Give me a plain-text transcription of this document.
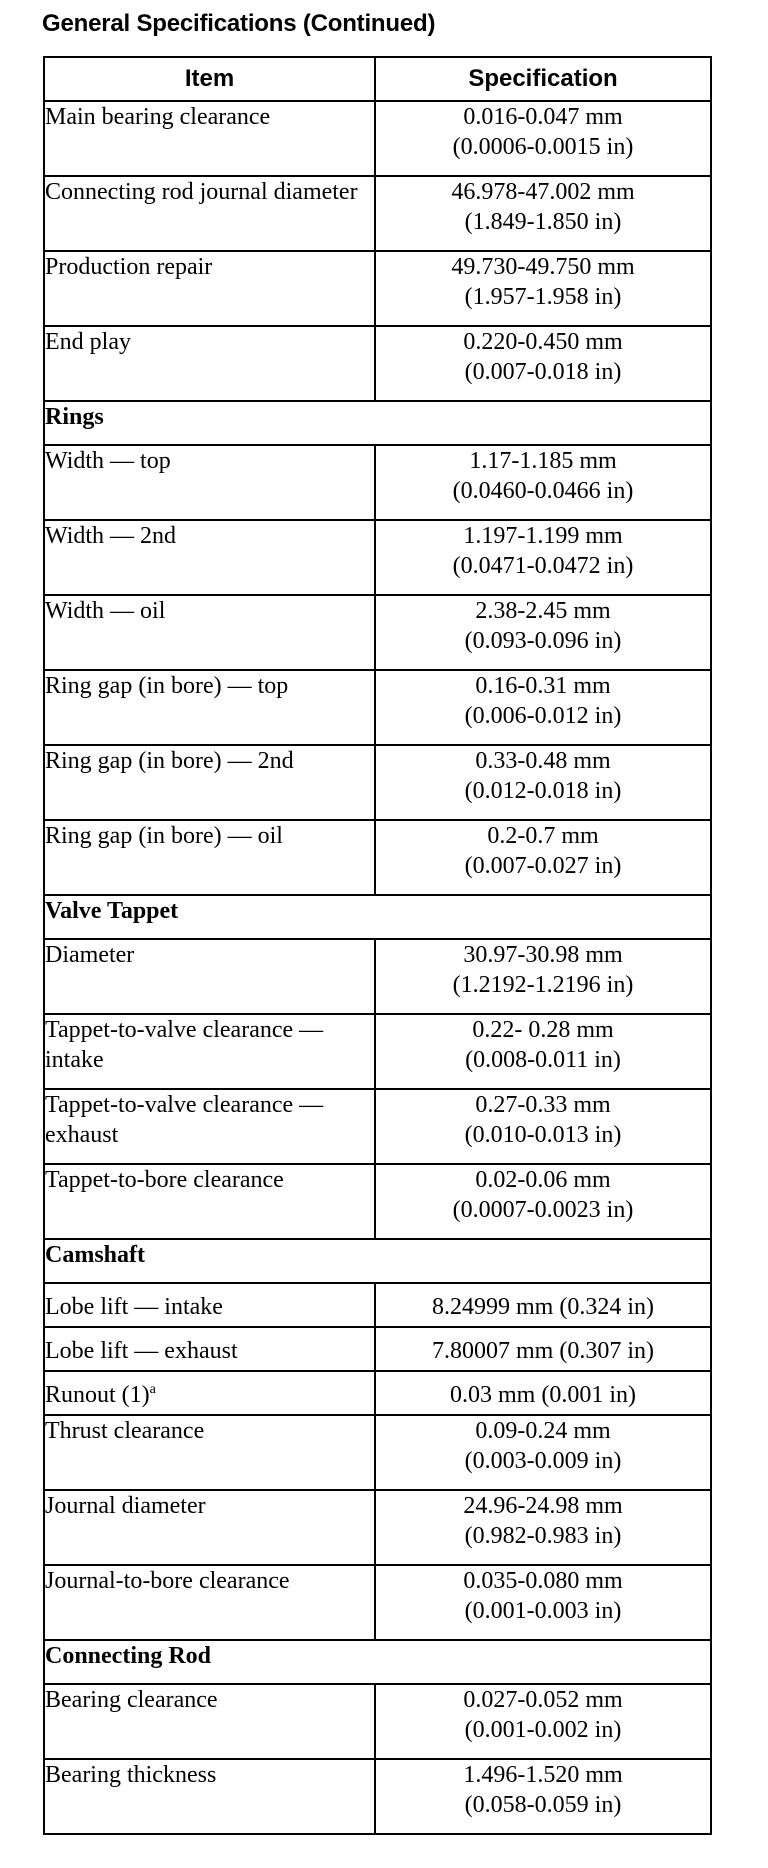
General Specifications (Continued)
Item	Specification
Main bearing clearance	0.016-0.047 mm
(0.0006-0.0015 in)

Connecting rod journal diameter	46.978-47.002 mm
(1.849-1.850 in)

Production repair	49.730-49.750 mm
(1.957-1.958 in)

End play	0.220-0.450 mm
(0.007-0.018 in)

Rings	
Width — top	1.17-1.185 mm
(0.0460-0.0466 in)

Width — 2nd	1.197-1.199 mm
(0.0471-0.0472 in)

Width — oil	2.38-2.45 mm
(0.093-0.096 in)

Ring gap (in bore) — top	0.16-0.31 mm
(0.006-0.012 in)

Ring gap (in bore) — 2nd	0.33-0.48 mm
(0.012-0.018 in)

Ring gap (in bore) — oil	0.2-0.7 mm
(0.007-0.027 in)

Valve Tappet	
Diameter	30.97-30.98 mm
(1.2192-1.2196 in)

Tappet-to-valve clearance — intake	0.22- 0.28 mm
(0.008-0.011 in)

Tappet-to-valve clearance — exhaust	0.27-0.33 mm
(0.010-0.013 in)

Tappet-to-bore clearance	0.02-0.06 mm
(0.0007-0.0023 in)

Camshaft	
Lobe lift — intake	8.24999 mm (0.324 in)

Lobe lift — exhaust	7.80007 mm (0.307 in)

Runout $(1)^a$	0.03 mm (0.001 in)

Thrust clearance	0.09-0.24 mm
(0.003-0.009 in)

Journal diameter	24.96-24.98 mm
(0.982-0.983 in)

Journal-to-bore clearance	0.035-0.080 mm
(0.001-0.003 in)

Connecting Rod	
Bearing clearance	0.027-0.052 mm
(0.001-0.002 in)

Bearing thickness	1.496-1.520 mm
(0.058-0.059 in)
